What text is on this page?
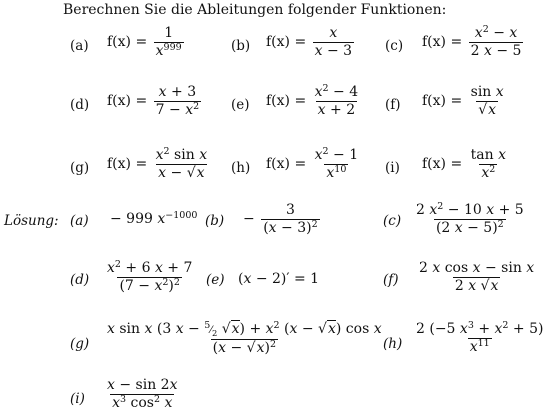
Berechnen Sie die Ableitungen folgender Funktionen:
(a) $f(x) = \frac{1}{x^{999}}$	(b) $f(x) = \frac{x}{x - 3} (c) f(x) = \frac{x^2 - x}{2 x - 5}$
(d) $f(x) = \frac{x + 3}{7 - x^2} (e) f(x) = \frac{x^2 - 4}{x + 2} (f) f(x) = \frac{\text{sin x}}{√x}$
(g) $f(x) = \frac{x^2 \sin x}{x - √x} (h) f(x) = \frac{x^2 - 1}{x^{10}} (i) f(x) = \frac{\text{tan x}}{x^2}$
Lösung: (a) − 999 $x^{-1000}$ $(b) - \frac{3}{(x - 3)^2}$	$(c) \frac{2 x^2 - 10 x + 5}{(2 x - 5)^2}$
$(d) \frac{x^2 + 6 x + 7}{(7 - x^2)^2} (e) (x - 2)' = 1$	$(f) \frac{\text{2 x cos x − sin x}}{2 x √x}$
$(g) \frac{x \sin x (3 x - ^5⁄_2 √x) + x^2 (x - √x) \cos x}{(x - √x)^2} (h) \frac{2 (-5 x^3 + x^2 + 5)}{x^{11}}$
$(i) \frac{x - \sin 2x}{x^3 \cos^2 x}$
